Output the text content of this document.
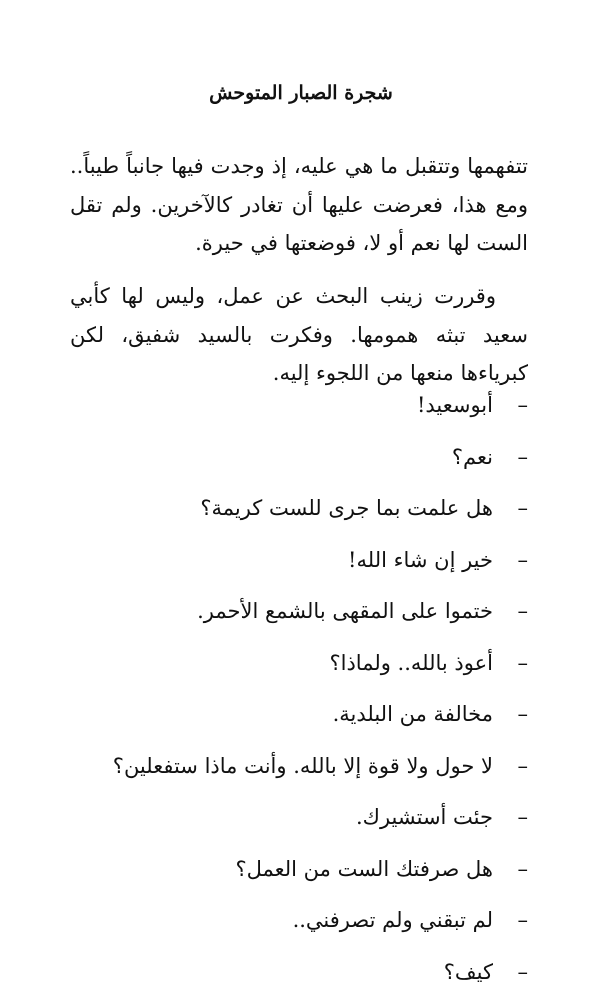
شجرة الصبار المتوحش

تتفهمها وتتقبل ما هي عليه، إذ وجدت فيها جانباً طيباً.. ومع هذا، فعرضت عليها أن تغادر كالآخرين. ولم تقل الست لها نعم أو لا، فوضعتها في حيرة.

وقررت زينب البحث عن عمل، وليس لها كأبي سعيد تبثه همومها. وفكرت بالسيد شفيق، لكن كبرياءها منعها من اللجوء إليه.

–
أبوسعيد!
–
نعم؟
–
هل علمت بما جرى للست كريمة؟
–
خير إن شاء الله!
–
ختموا على المقهى بالشمع الأحمر.
–
أعوذ بالله.. ولماذا؟
–
مخالفة من البلدية.
–
لا حول ولا قوة إلا بالله. وأنت ماذا ستفعلين؟
–
جئت أستشيرك.
–
هل صرفتك الست من العمل؟
–
لم تبقني ولم تصرفني..
–
كيف؟
